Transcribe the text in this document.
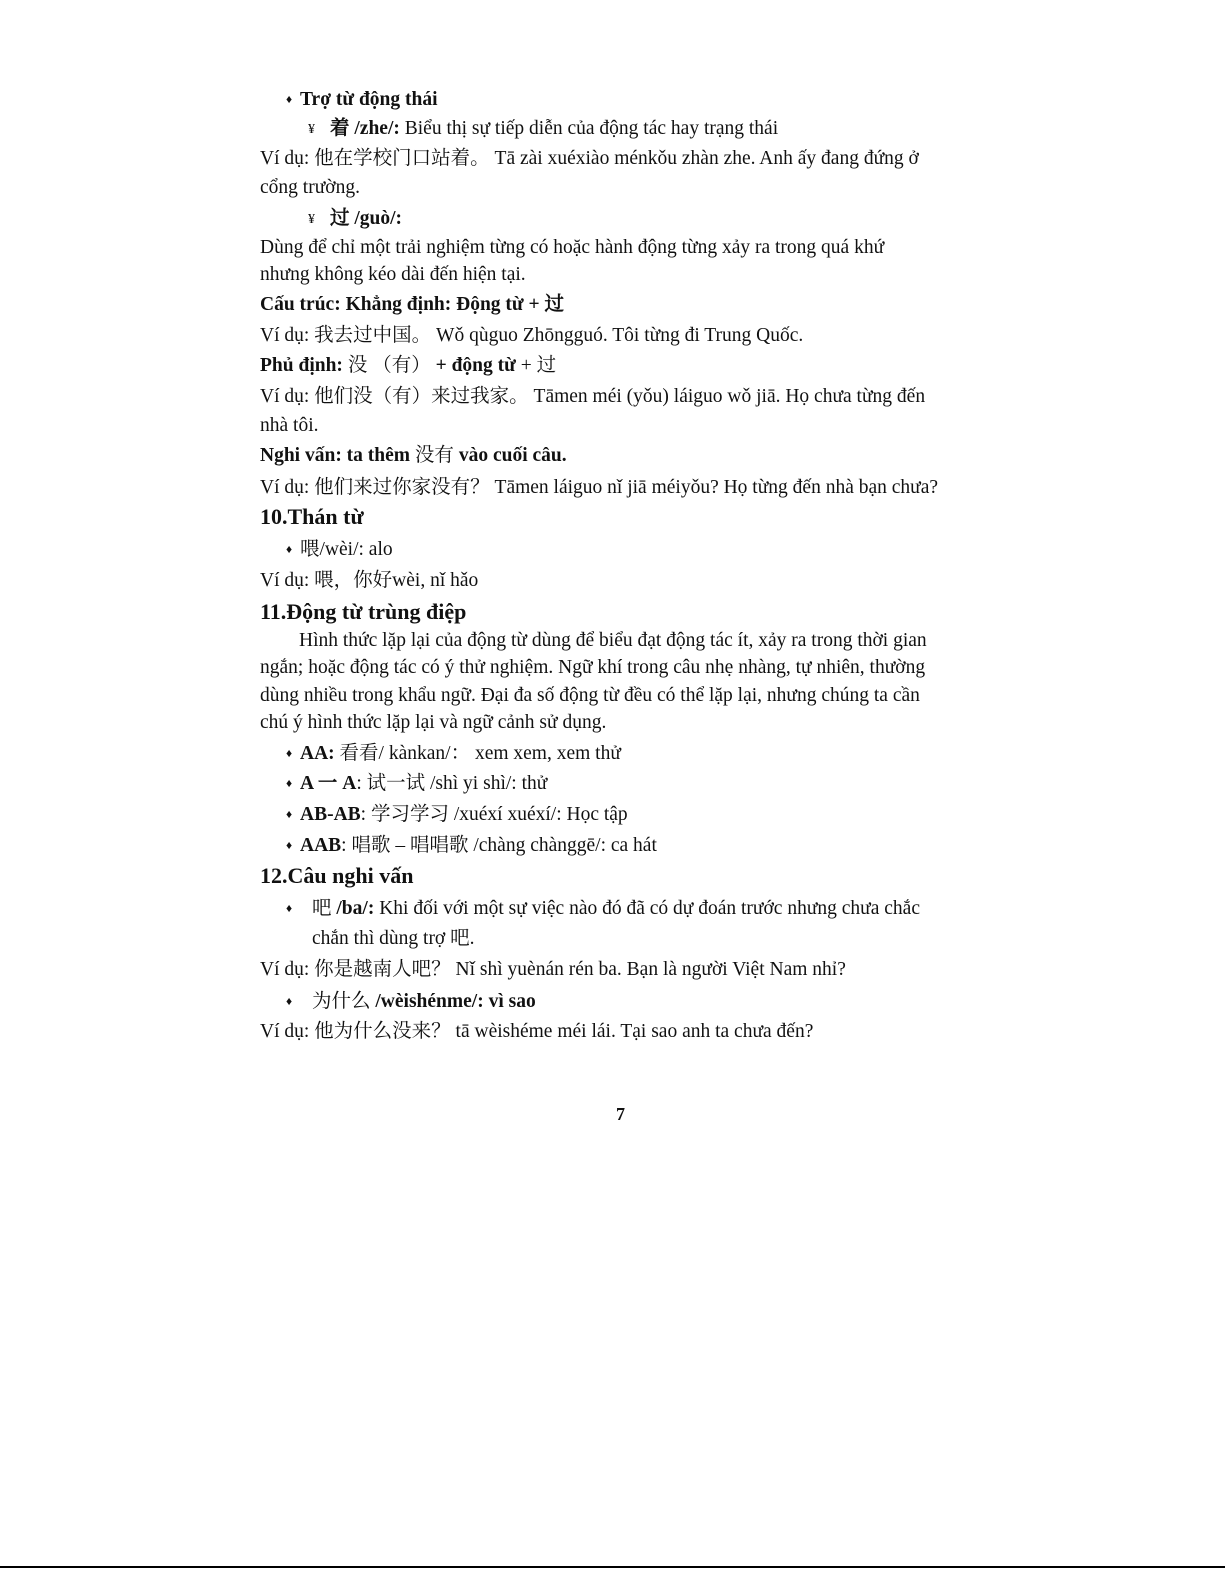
♦ Trợ từ động thái
¥ 着 /zhe/: Biểu thị sự tiếp diễn của động tác hay trạng thái
Ví dụ: 他在学校门口站着。 Tā zài xuéxiào ménkǒu zhàn zhe. Anh ấy đang đứng ở
cổng trường.
¥ 过 /guò/:
Dùng để chỉ một trải nghiệm từng có hoặc hành động từng xảy ra trong quá khứ
nhưng không kéo dài đến hiện tại.
Cấu trúc: Khẳng định: Động từ + 过
Ví dụ: 我去过中国。 Wǒ qùguo Zhōngguó. Tôi từng đi Trung Quốc.
Phủ định: 没 （有） + động từ + 过
Ví dụ: 他们没（有）来过我家。 Tāmen méi (yǒu) láiguo wǒ jiā. Họ chưa từng đến
nhà tôi.
Nghi vấn: ta thêm 没有 vào cuối câu.
Ví dụ: 他们来过你家没有？ Tāmen láiguo nǐ jiā méiyǒu? Họ từng đến nhà bạn chưa?
10.Thán từ
♦ 喂/wèi/: alo
Ví dụ: 喂，你好wèi, nǐ hǎo
11.Động từ trùng điệp
Hình thức lặp lại của động từ dùng để biểu đạt động tác ít, xảy ra trong thời gian
ngắn; hoặc động tác có ý thử nghiệm. Ngữ khí trong câu nhẹ nhàng, tự nhiên, thường
dùng nhiều trong khẩu ngữ. Đại đa số động từ đều có thể lặp lại, nhưng chúng ta cần
chú ý hình thức lặp lại và ngữ cảnh sử dụng.
♦ AA: 看看/ kànkan/： xem xem, xem thử
♦ A 一 A: 试一试 /shì yi shì/: thử
♦ AB-AB: 学习学习 /xuéxí xuéxí/: Học tập
♦ AAB: 唱歌 – 唱唱歌 /chàng chànggē/: ca hát
12.Câu nghi vấn
♦ 吧 /ba/: Khi đối với một sự việc nào đó đã có dự đoán trước nhưng chưa chắc
chắn thì dùng trợ 吧.
Ví dụ: 你是越南人吧？ Nǐ shì yuènán rén ba. Bạn là người Việt Nam nhỉ?
♦ 为什么 /wèishénme/: vì sao
Ví dụ: 他为什么没来？ tā wèishéme méi lái. Tại sao anh ta chưa đến?
7
